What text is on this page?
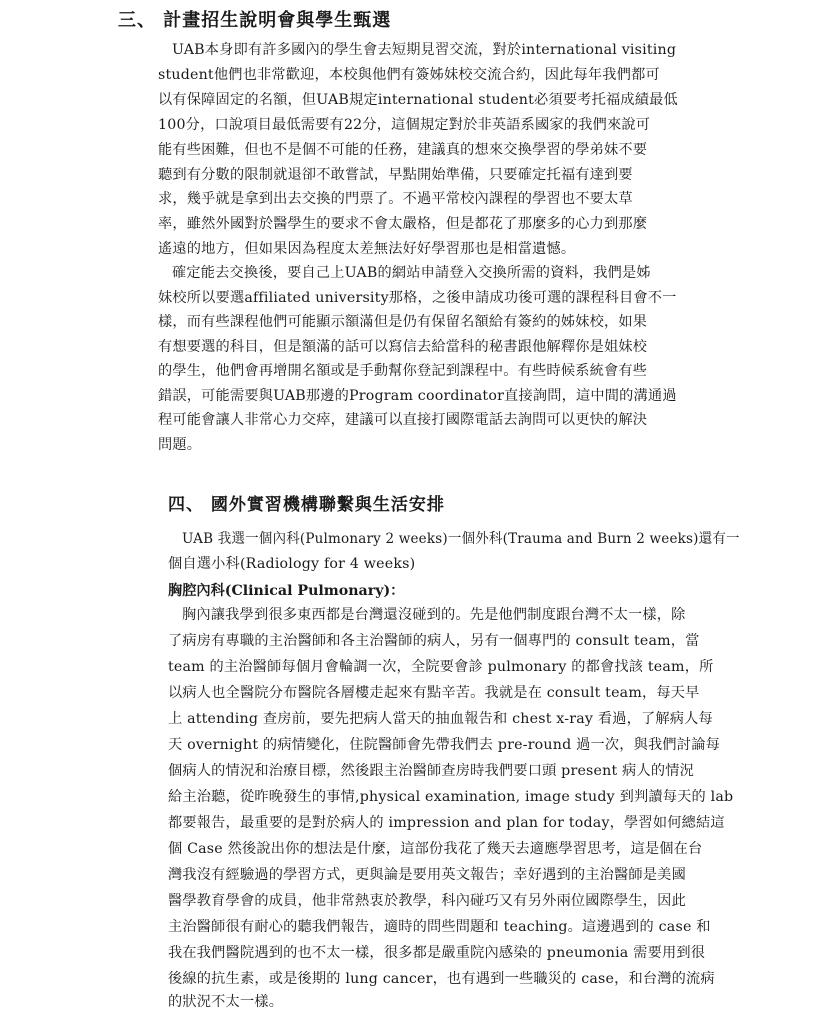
三、 計畫招生說明會與學生甄選
UAB本身即有許多國內的學生會去短期見習交流，對於international visiting
student他們也非常歡迎，本校與他們有簽姊妹校交流合約，因此每年我們都可
以有保障固定的名額，但UAB規定international student必須要考托福成績最低
100分，口說項目最低需要有22分，這個規定對於非英語系國家的我們來說可
能有些困難，但也不是個不可能的任務，建議真的想來交換學習的學弟妹不要
聽到有分數的限制就退卻不敢嘗試，早點開始準備，只要確定托福有達到要
求，幾乎就是拿到出去交換的門票了。不過平常校內課程的學習也不要太草
率，雖然外國對於醫學生的要求不會太嚴格，但是都花了那麼多的心力到那麼
遙遠的地方，但如果因為程度太差無法好好學習那也是相當遺憾。
確定能去交換後，要自己上UAB的網站申請登入交換所需的資料，我們是姊
妹校所以要選affiliated university那格，之後申請成功後可選的課程科目會不一
樣，而有些課程他們可能顯示額滿但是仍有保留名額給有簽約的姊妹校，如果
有想要選的科目，但是額滿的話可以寫信去給當科的秘書跟他解釋你是姐妹校
的學生，他們會再增開名額或是手動幫你登記到課程中。有些時候系統會有些
錯誤，可能需要與UAB那邊的Program coordinator直接詢問，這中間的溝通過
程可能會讓人非常心力交瘁，建議可以直接打國際電話去詢問可以更快的解決
問題。
四、 國外實習機構聯繫與生活安排
UAB 我選一個內科(Pulmonary 2 weeks)一個外科(Trauma and Burn 2 weeks)還有一
個自選小科(Radiology for 4 weeks)
胸腔內科(Clinical Pulmonary)：
胸內讓我學到很多東西都是台灣還沒碰到的。先是他們制度跟台灣不太一樣，除
了病房有專職的主治醫師和各主治醫師的病人，另有一個專門的 consult team，當
team 的主治醫師每個月會輪調一次，全院要會診 pulmonary 的都會找該 team，所
以病人也全醫院分布醫院各層樓走起來有點辛苦。我就是在 consult team，每天早
上 attending 查房前，要先把病人當天的抽血報告和 chest x-ray 看過，了解病人每
天 overnight 的病情變化，住院醫師會先帶我們去 pre-round 過一次，與我們討論每
個病人的情況和治療目標，然後跟主治醫師查房時我們要口頭 present 病人的情況
給主治聽，從昨晚發生的事情,physical examination, image study 到判讀每天的 lab
都要報告，最重要的是對於病人的 impression and plan for today，學習如何總結這
個 Case 然後說出你的想法是什麼，這部份我花了幾天去適應學習思考，這是個在台
灣我沒有經驗過的學習方式，更與論是要用英文報告；幸好遇到的主治醫師是美國
醫學教育學會的成員，他非常熱衷於教學，科內碰巧又有另外兩位國際學生，因此
主治醫師很有耐心的聽我們報告，適時的問些問題和 teaching。這邊遇到的 case 和
我在我們醫院遇到的也不太一樣，很多都是嚴重院內感染的 pneumonia 需要用到很
後線的抗生素，或是後期的 lung cancer，也有遇到一些職災的 case，和台灣的流病
的狀況不太一樣。
